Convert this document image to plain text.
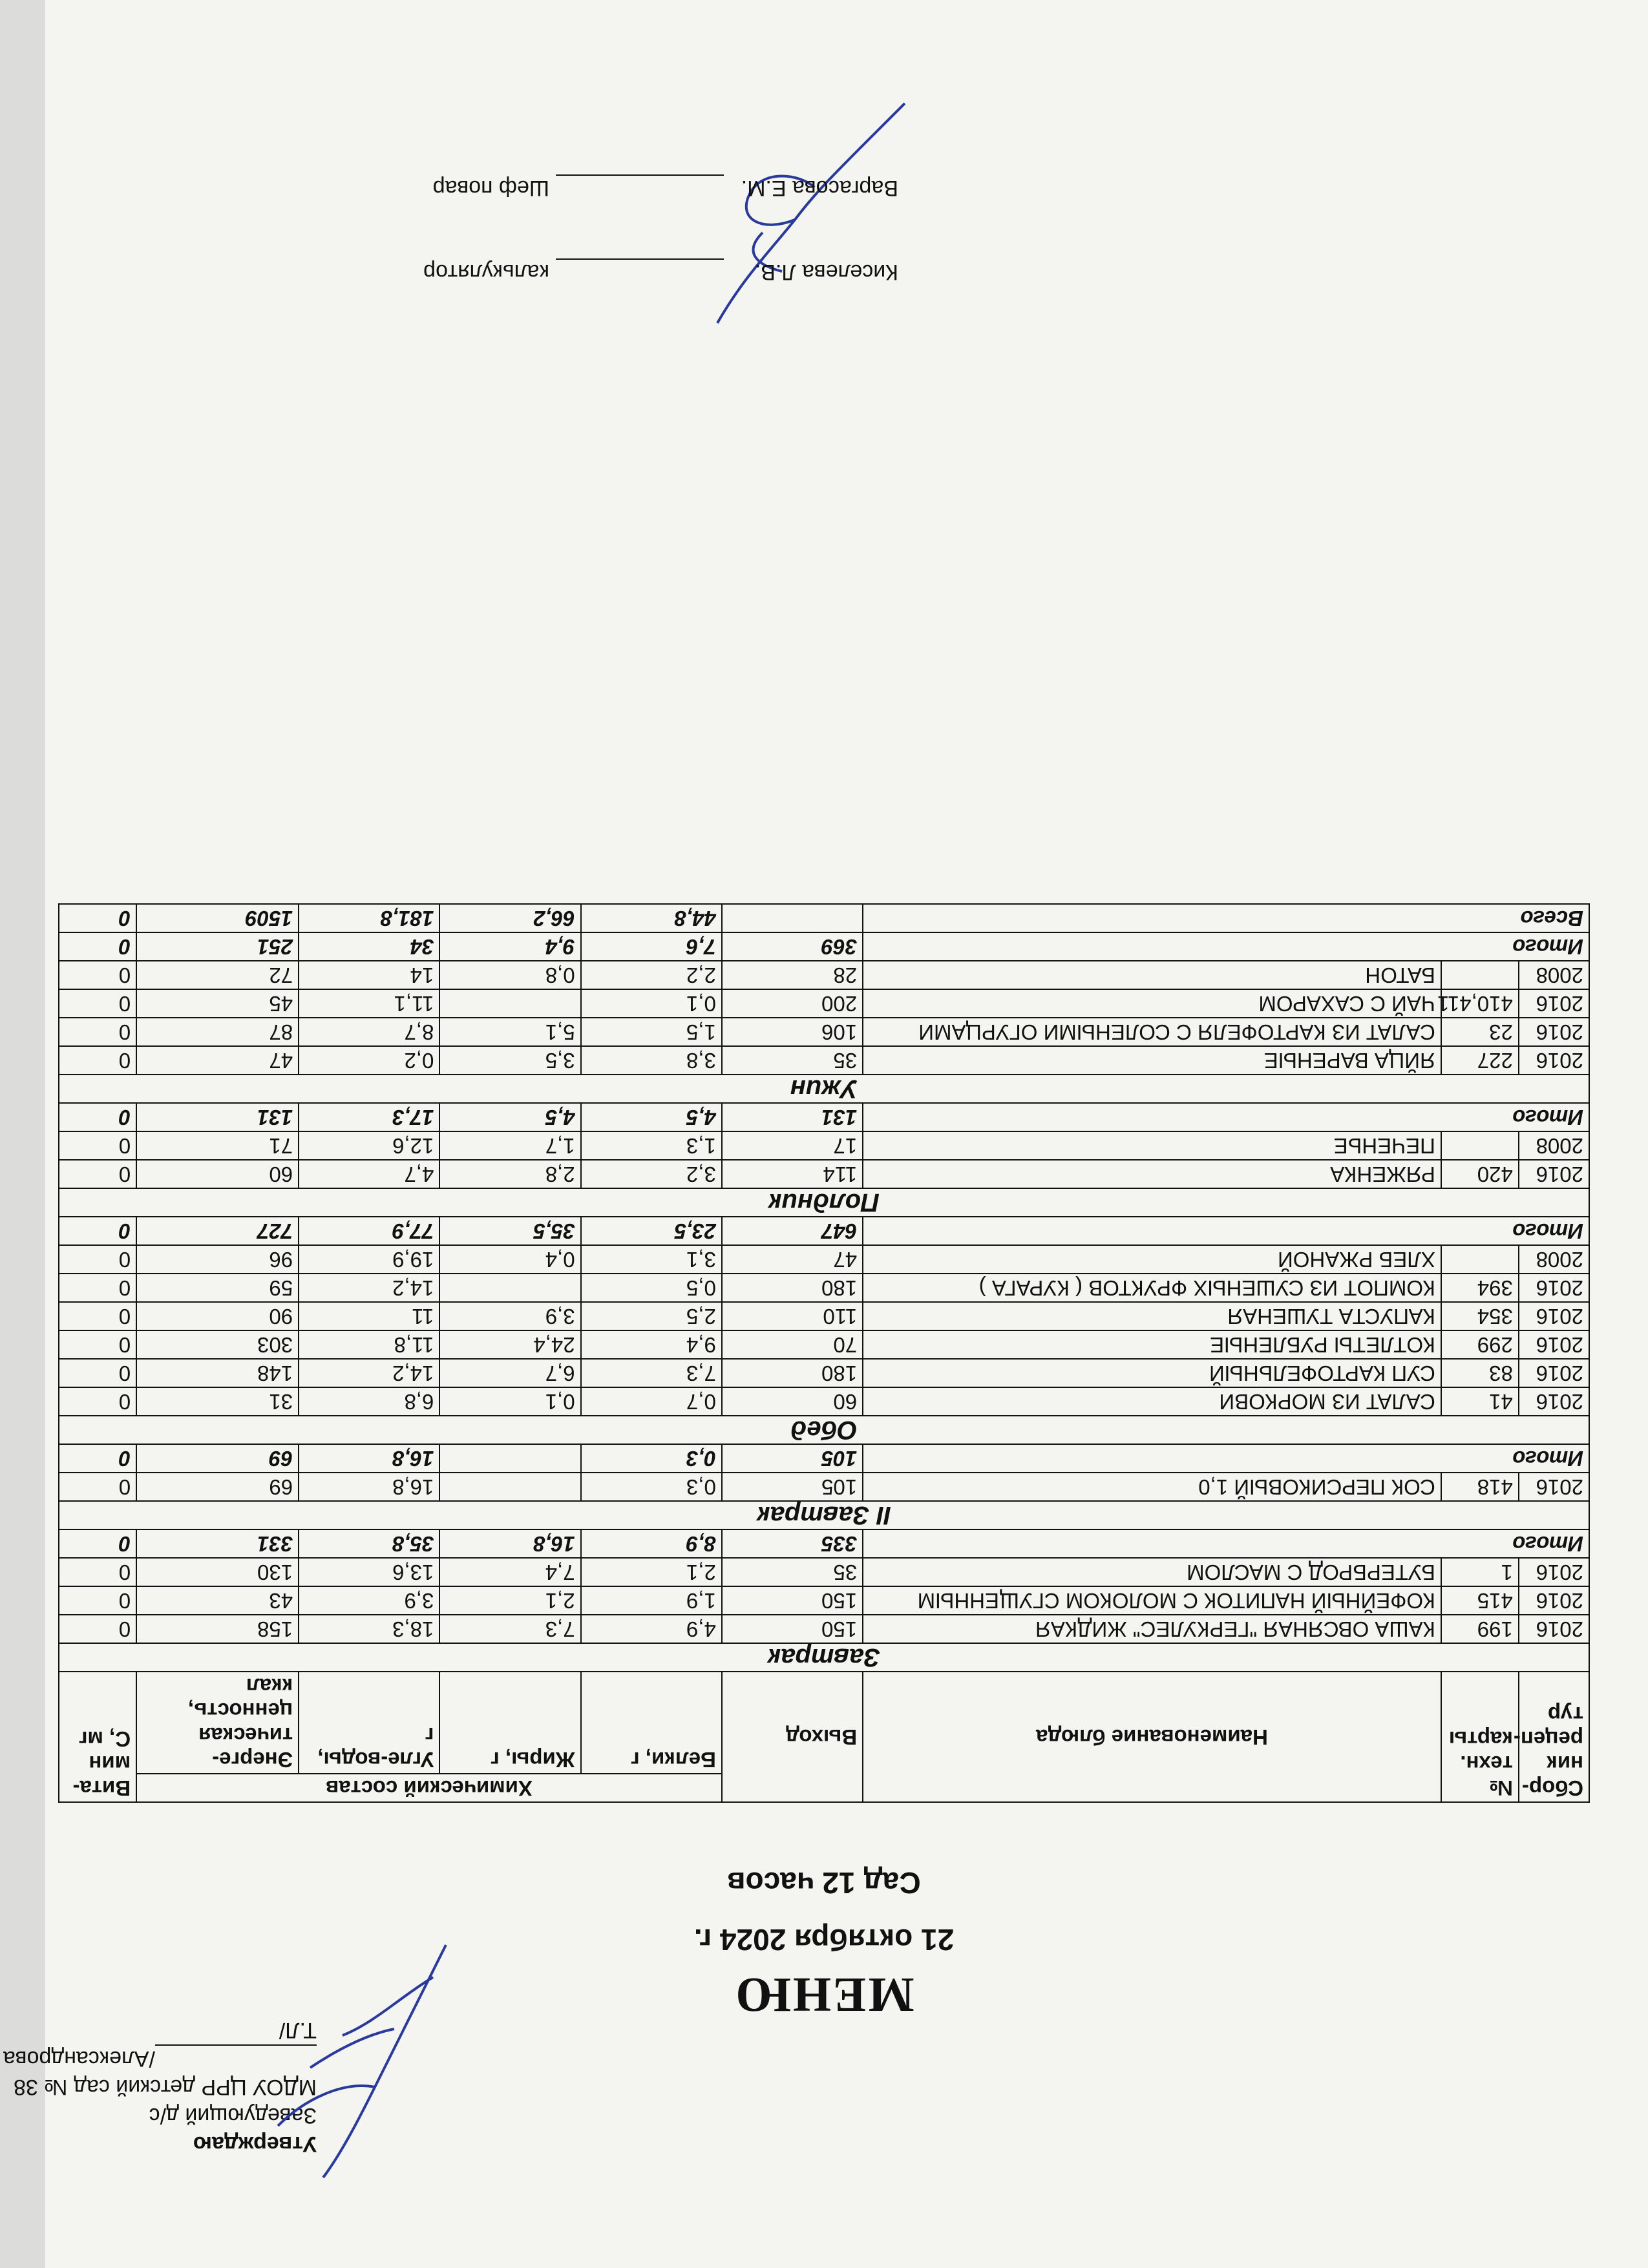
Утверждаю
Заведующий д/с
МДОУ ЦРР детский сад № 38
/Александрова Т.Л/
МЕНЮ
21 октября 2024 г.
Сад 12 часов
Сбор-ник рецеп-тур	№ техн. карты	Наименование блюда	Выход	Химический состав				Вита-мин С, мг
				Белки, г	Жиры, г	Угле-воды, г	Энерге-тическая ценность, ккал	
Завтрак								
2016	199	КАША ОВСЯНАЯ "ГЕРКУЛЕС" ЖИДКАЯ	150	4,9	7,3	18,3	158	0
2016	415	КОФЕЙНЫЙ НАПИТОК С МОЛОКОМ СГУЩЕННЫМ	150	1,9	2,1	3,9	43	0
2016	1	БУТЕРБРОД С МАСЛОМ	35	2,1	7,4	13,6	130	0
Итого			335	8,9	16,8	35,8	331	0
II Завтрак								
2016	418	СОК ПЕРСИКОВЫЙ 1,0	105	0,3		16,8	69	0
Итого			105	0,3		16,8	69	0
Обед								
2016	41	САЛАТ ИЗ МОРКОВИ	60	0,7	0,1	6,8	31	0
2016	83	СУП КАРТОФЕЛЬНЫЙ	180	7,3	6,7	14,2	148	0
2016	299	КОТЛЕТЫ РУБЛЕНЫЕ	70	9,4	24,4	11,8	303	0
2016	354	КАПУСТА ТУШЕНАЯ	110	2,5	3,9	11	90	0
2016	394	КОМПОТ ИЗ СУШЕНЫХ ФРУКТОВ ( КУРАГА )	180	0,5		14,2	59	0
2008		ХЛЕБ РЖАНОЙ	47	3,1	0,4	19,9	96	0
Итого			647	23,5	35,5	77,9	727	0
Полдник								
2016	420	РЯЖЕНКА	114	3,2	2,8	4,7	60	0
2008		ПЕЧЕНЬЕ	17	1,3	1,7	12,6	71	0
Итого			131	4,5	4,5	17,3	131	0
Ужин								
2016	227	ЯЙЦА ВАРЕНЫЕ	35	3,8	3,5	0,2	47	0
2016	23	САЛАТ ИЗ КАРТОФЕЛЯ С СОЛЕНЫМИ ОГУРЦАМИ	106	1,5	5,1	8,7	87	0
2016	410,411	ЧАЙ С САХАРОМ	200	0,1		11,1	45	0
2008		БАТОН	28	2,2	0,8	14	72	0
Итого			369	7,6	9,4	34	251	0
Всего				44,8	66,2	181,8	1509	0
калькулятор	Киселева Л.В.
Шеф повар	Варгасова Е.М.
